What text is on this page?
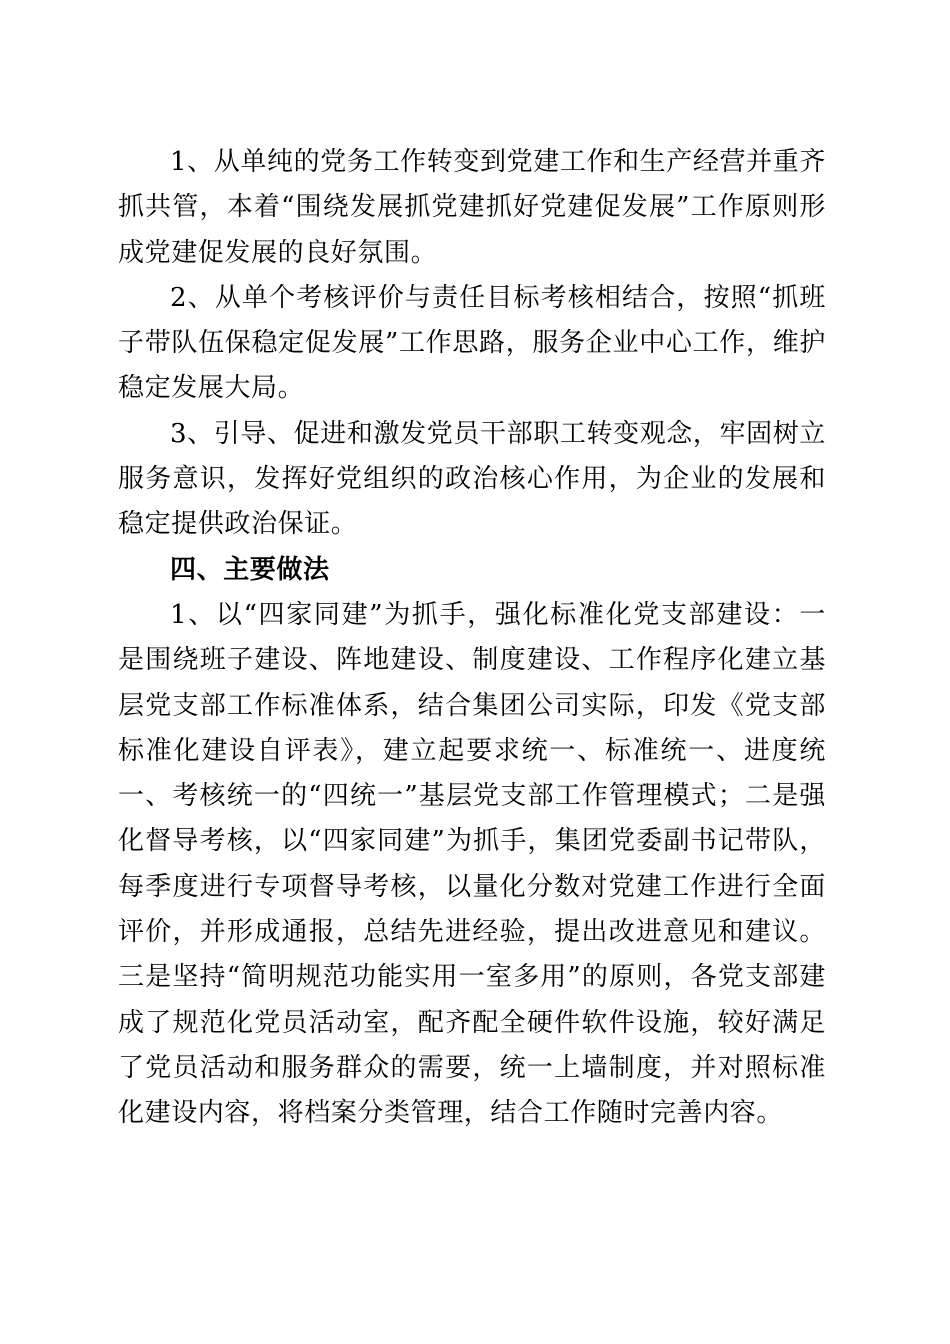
1、从单纯的党务工作转变到党建工作和生产经营并重齐抓共管，本着“围绕发展抓党建抓好党建促发展”工作原则形成党建促发展的良好氛围。

2、从单个考核评价与责任目标考核相结合，按照“抓班子带队伍保稳定促发展”工作思路，服务企业中心工作，维护稳定发展大局。

3、引导、促进和激发党员干部职工转变观念，牢固树立服务意识，发挥好党组织的政治核心作用，为企业的发展和稳定提供政治保证。

四、主要做法

1、以“四家同建”为抓手，强化标准化党支部建设：一是围绕班子建设、阵地建设、制度建设、工作程序化建立基层党支部工作标准体系，结合集团公司实际，印发《党支部标准化建设自评表》，建立起要求统一、标准统一、进度统一、考核统一的“四统一”基层党支部工作管理模式；二是强化督导考核，以“四家同建”为抓手，集团党委副书记带队，每季度进行专项督导考核，以量化分数对党建工作进行全面评价，并形成通报，总结先进经验，提出改进意见和建议。三是坚持“简明规范功能实用一室多用”的原则，各党支部建成了规范化党员活动室，配齐配全硬件软件设施，较好满足了党员活动和服务群众的需要，统一上墙制度，并对照标准化建设内容，将档案分类管理，结合工作随时完善内容。
